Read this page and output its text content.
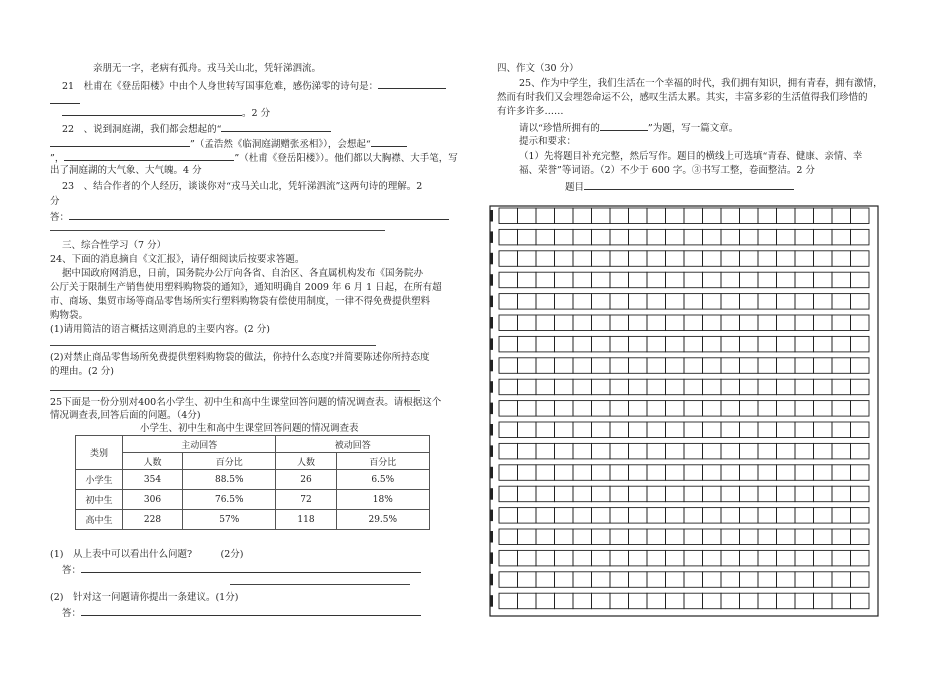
亲朋无一字，老病有孤舟。戎马关山北，凭轩涕泗流。
21　杜甫在《登岳阳楼》中由个人身世转写国事危难，感伤涕零的诗句是：
。2 分
22　、说到洞庭湖，我们都会想起的“
”（孟浩然《临洞庭湖赠张丞相》），会想起“
”，	”（杜甫《登岳阳楼》）。他们都以大胸襟、大手笔，写
出了洞庭湖的大气象、大气魄。4 分
23　、结合作者的个人经历，谈谈你对“戎马关山北，凭轩涕泗流”这两句诗的理解。2
分
答：
三、综合性学习（7 分）
24、下面的消息摘自《文汇报》，请仔细阅读后按要求答题。
据中国政府网消息，日前，国务院办公厅向各省、自治区、各直属机构发布《国务院办
公厅关于限制生产销售使用塑料购物袋的通知》，通知明确自 2009 年 6 月 1 日起，在所有超
市、商场、集贸市场等商品零售场所实行塑料购物袋有偿使用制度，一律不得免费提供塑料
购物袋。
(1)请用简洁的语言概括这则消息的主要内容。(2 分)
(2)对禁止商品零售场所免费提供塑料购物袋的做法，你持什么态度?并简要陈述你所持态度
的理由。(2 分)
25下面是一份分别对400名小学生、初中生和高中生课堂回答问题的情况调查表。请根据这个
情况调查表,回答后面的问题。（4分)
小学生、初中生和高中生课堂回答问题的情况调查表
类别	主动回答		被动回答	
	人数	百分比	人数	百分比
小学生	354	88.5%	26	6.5%
初中生	306	76.5%	72	18%
高中生	228	57%	118	29.5%
(1)　从上表中可以看出什么问题?　　　(2分)
答：
(2)　针对这一问题请你提出一条建议。(1分)
答：
四、作文（30 分）
25、作为中学生，我们生活在一个幸福的时代，我们拥有知识，拥有青春，拥有激情，
然而有时我们又会埋怨命运不公，感叹生活太累。其实，丰富多彩的生活值得我们珍惜的
有许多许多……
请以“珍惜所拥有的	”为题，写一篇文章。
提示和要求：
（1）先将题目补充完整，然后写作。题目的横线上可选填“青春、健康、亲情、幸
福、荣誉”等词语。（2）不少于 600 字。③书写工整，卷面整洁。2 分
题目
